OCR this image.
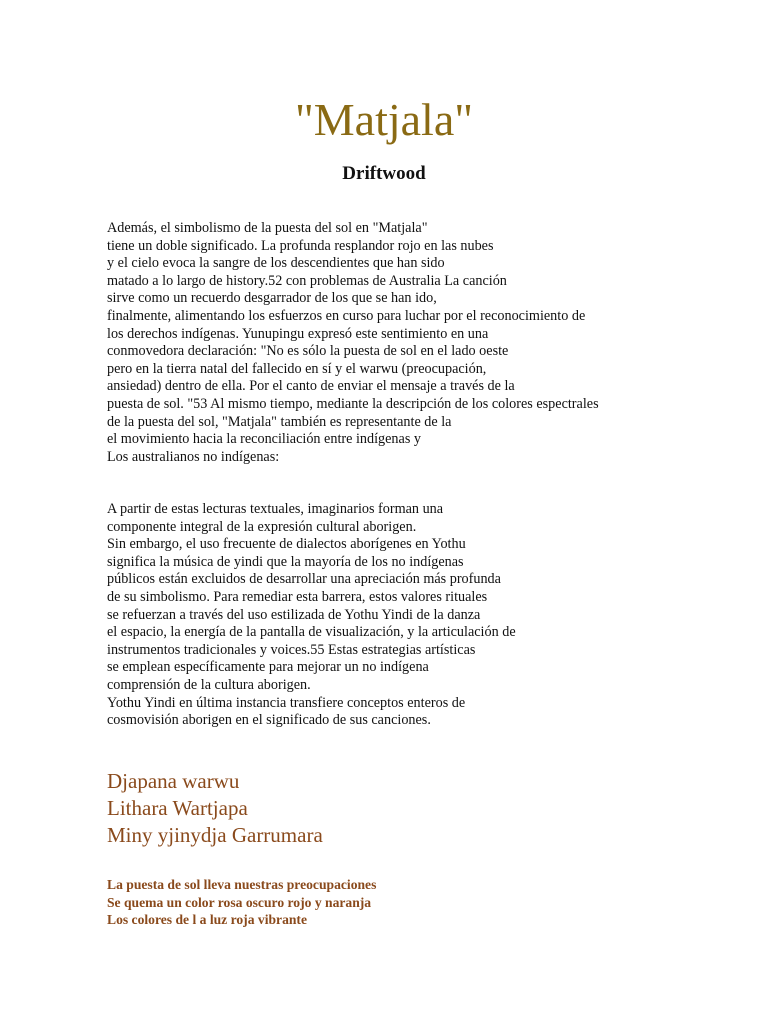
"Matjala"
Driftwood

Además, el simbolismo de la puesta del sol en "Matjala"
tiene un doble significado. La profunda resplandor rojo en las nubes
y el cielo evoca la sangre de los descendientes que han sido
matado a lo largo de history.52 con problemas de Australia La canción
sirve como un recuerdo desgarrador de los que se han ido,
finalmente, alimentando los esfuerzos en curso para luchar por el reconocimiento de
los derechos indígenas. Yunupingu expresó este sentimiento en una
conmovedora declaración: "No es sólo la puesta de sol en el lado oeste
pero en la tierra natal del fallecido en sí y el warwu (preocupación,
ansiedad) dentro de ella. Por el canto de enviar el mensaje a través de la
puesta de sol. "53 Al mismo tiempo, mediante la descripción de los colores espectrales
de la puesta del sol, "Matjala" también es representante de la
el movimiento hacia la reconciliación entre indígenas y
Los australianos no indígenas:

A partir de estas lecturas textuales, imaginarios forman una
componente integral de la expresión cultural aborigen.
Sin embargo, el uso frecuente de dialectos aborígenes en Yothu
significa la música de yindi que la mayoría de los no indígenas
públicos están excluidos de desarrollar una apreciación más profunda
de su simbolismo. Para remediar esta barrera, estos valores rituales
se refuerzan a través del uso estilizada de Yothu Yindi de la danza
el espacio, la energía de la pantalla de visualización, y la articulación de
instrumentos tradicionales y voices.55 Estas estrategias artísticas
se emplean específicamente para mejorar un no indígena
comprensión de la cultura aborigen.
Yothu Yindi en última instancia transfiere conceptos enteros de
cosmovisión aborigen en el significado de sus canciones.

Djapana warwu
Lithara Wartjapa
Miny yjinydja Garrumara

La puesta de sol lleva nuestras preocupaciones
Se quema un color rosa oscuro rojo y naranja
Los colores de l a luz roja vibrante
